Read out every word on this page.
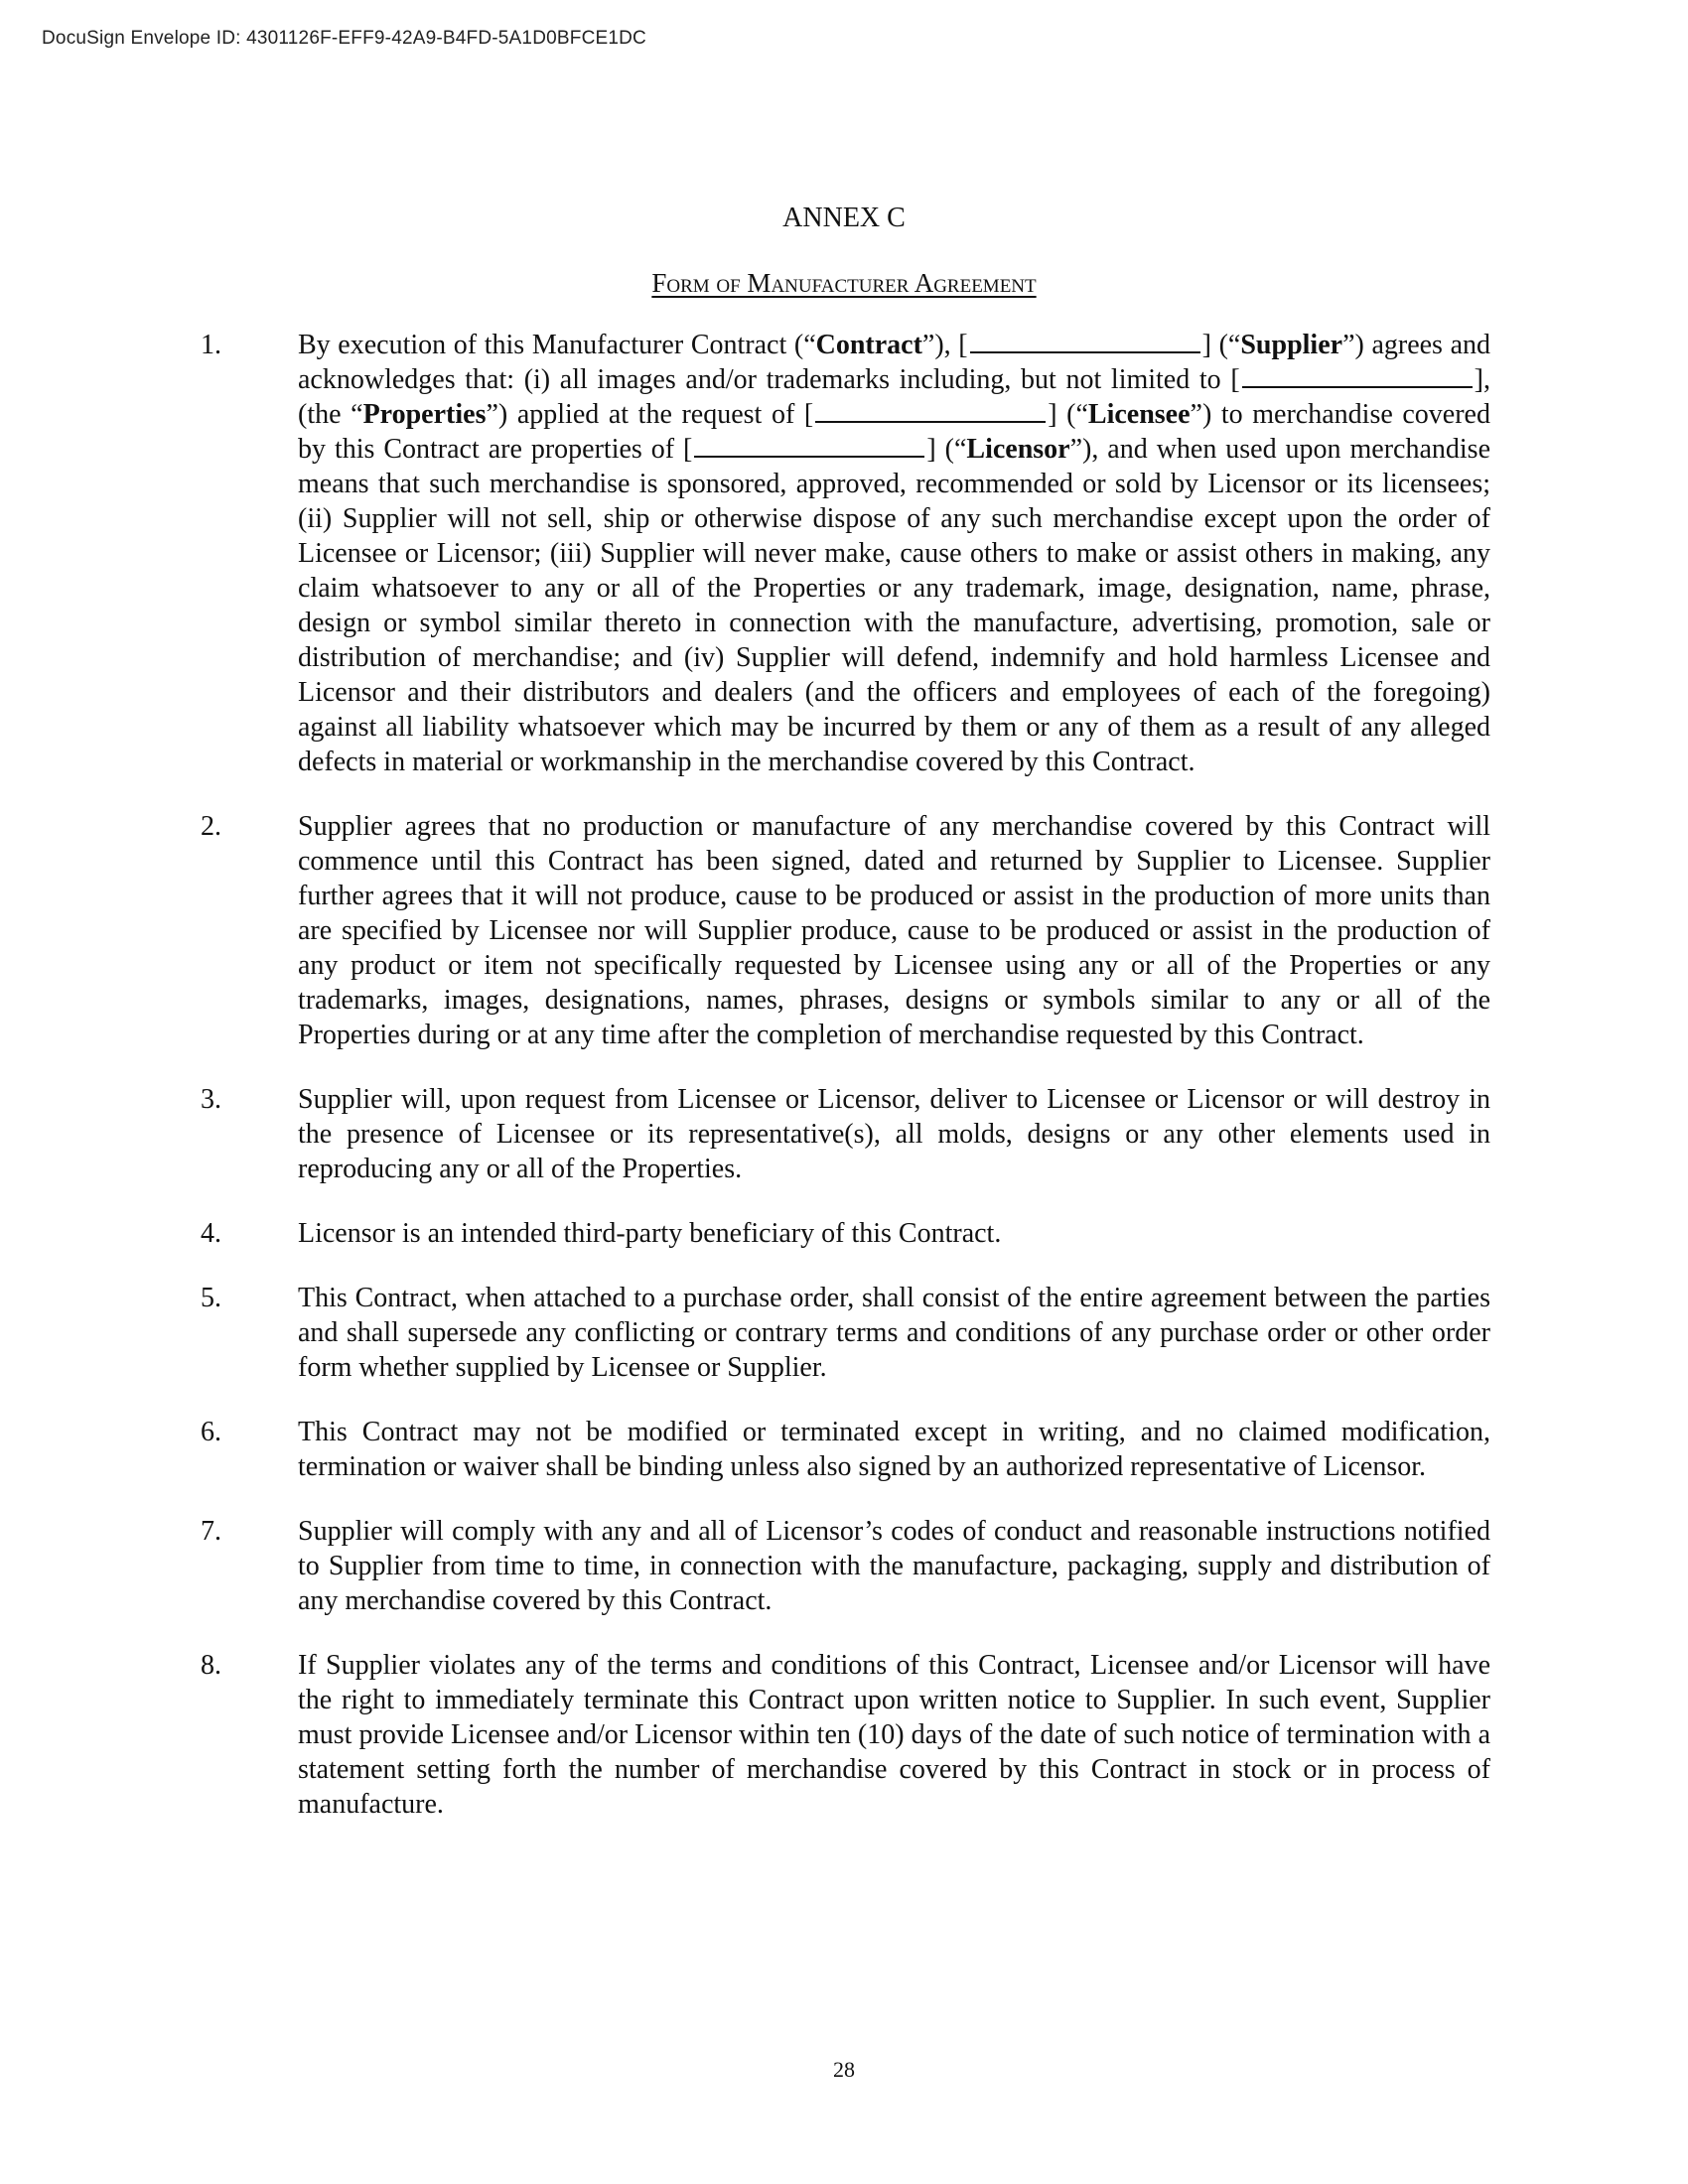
DocuSign Envelope ID: 4301126F-EFF9-42A9-B4FD-5A1D0BFCE1DC
ANNEX C
Form of Manufacturer Agreement
1.	By execution of this Manufacturer Contract (“Contract”), [	] (“Supplier”) agrees and acknowledges that: (i) all images and/or trademarks including, but not limited to [	], (the “Properties”) applied at the request of [	] (“Licensee”) to merchandise covered by this Contract are properties of [	] (“Licensor”), and when used upon merchandise means that such merchandise is sponsored, approved, recommended or sold by Licensor or its licensees; (ii) Supplier will not sell, ship or otherwise dispose of any such merchandise except upon the order of Licensee or Licensor; (iii) Supplier will never make, cause others to make or assist others in making, any claim whatsoever to any or all of the Properties or any trademark, image, designation, name, phrase, design or symbol similar thereto in connection with the manufacture, advertising, promotion, sale or distribution of merchandise; and (iv) Supplier will defend, indemnify and hold harmless Licensee and Licensor and their distributors and dealers (and the officers and employees of each of the foregoing) against all liability whatsoever which may be incurred by them or any of them as a result of any alleged defects in material or workmanship in the merchandise covered by this Contract.
2.	Supplier agrees that no production or manufacture of any merchandise covered by this Contract will commence until this Contract has been signed, dated and returned by Supplier to Licensee. Supplier further agrees that it will not produce, cause to be produced or assist in the production of more units than are specified by Licensee nor will Supplier produce, cause to be produced or assist in the production of any product or item not specifically requested by Licensee using any or all of the Properties or any trademarks, images, designations, names, phrases, designs or symbols similar to any or all of the Properties during or at any time after the completion of merchandise requested by this Contract.
3.	Supplier will, upon request from Licensee or Licensor, deliver to Licensee or Licensor or will destroy in the presence of Licensee or its representative(s), all molds, designs or any other elements used in reproducing any or all of the Properties.
4.	Licensor is an intended third-party beneficiary of this Contract.
5.	This Contract, when attached to a purchase order, shall consist of the entire agreement between the parties and shall supersede any conflicting or contrary terms and conditions of any purchase order or other order form whether supplied by Licensee or Supplier.
6.	This Contract may not be modified or terminated except in writing, and no claimed modification, termination or waiver shall be binding unless also signed by an authorized representative of Licensor.
7.	Supplier will comply with any and all of Licensor’s codes of conduct and reasonable instructions notified to Supplier from time to time, in connection with the manufacture, packaging, supply and distribution of any merchandise covered by this Contract.
8.	If Supplier violates any of the terms and conditions of this Contract, Licensee and/or Licensor will have the right to immediately terminate this Contract upon written notice to Supplier. In such event, Supplier must provide Licensee and/or Licensor within ten (10) days of the date of such notice of termination with a statement setting forth the number of merchandise covered by this Contract in stock or in process of manufacture.
28
